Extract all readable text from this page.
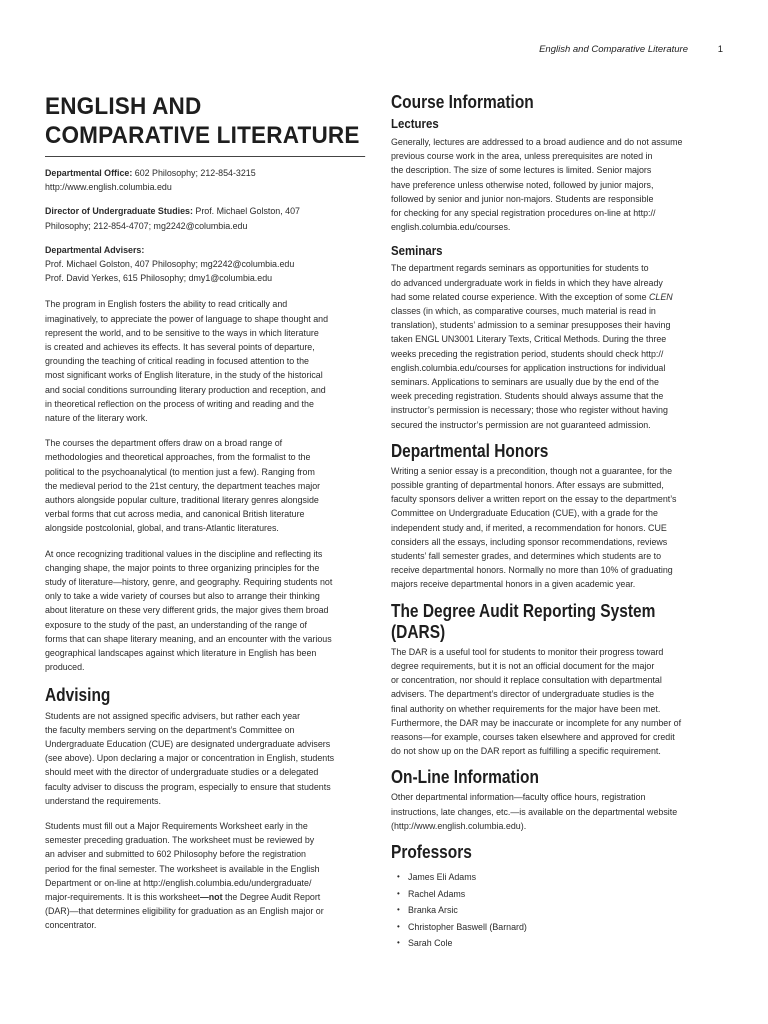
English and Comparative Literature	1
ENGLISH AND COMPARATIVE LITERATURE

Departmental Office: 602 Philosophy; 212-854-3215

http://www.english.columbia.edu

Director of Undergraduate Studies: Prof. Michael Golston, 407

Philosophy; 212-854-4707; mg2242@columbia.edu

Departmental Advisers:

Prof. Michael Golston, 407 Philosophy; mg2242@columbia.edu

Prof. David Yerkes, 615 Philosophy; dmy1@columbia.edu

The program in English fosters the ability to read critically and

imaginatively, to appreciate the power of language to shape thought and

represent the world, and to be sensitive to the ways in which literature

is created and achieves its effects. It has several points of departure,

grounding the teaching of critical reading in focused attention to the

most significant works of English literature, in the study of the historical

and social conditions surrounding literary production and reception, and

in theoretical reflection on the process of writing and reading and the

nature of the literary work.

The courses the department offers draw on a broad range of

methodologies and theoretical approaches, from the formalist to the

political to the psychoanalytical (to mention just a few). Ranging from

the medieval period to the 21st century, the department teaches major

authors alongside popular culture, traditional literary genres alongside

verbal forms that cut across media, and canonical British literature

alongside postcolonial, global, and trans-Atlantic literatures.

At once recognizing traditional values in the discipline and reflecting its

changing shape, the major points to three organizing principles for the

study of literature—history, genre, and geography. Requiring students not

only to take a wide variety of courses but also to arrange their thinking

about literature on these very different grids, the major gives them broad

exposure to the study of the past, an understanding of the range of

forms that can shape literary meaning, and an encounter with the various

geographical landscapes against which literature in English has been

produced.

Advising

Students are not assigned specific advisers, but rather each year

the faculty members serving on the department’s Committee on

Undergraduate Education (CUE) are designated undergraduate advisers

(see above). Upon declaring a major or concentration in English, students

should meet with the director of undergraduate studies or a delegated

faculty adviser to discuss the program, especially to ensure that students

understand the requirements.

Students must fill out a Major Requirements Worksheet early in the

semester preceding graduation. The worksheet must be reviewed by

an adviser and submitted to 602 Philosophy before the registration

period for the final semester. The worksheet is available in the English

Department or on-line at http://english.columbia.edu/undergraduate/

major-requirements. It is this worksheet—not the Degree Audit Report

(DAR)—that determines eligibility for graduation as an English major or

concentrator.

Course Information
Lectures

Generally, lectures are addressed to a broad audience and do not assume

previous course work in the area, unless prerequisites are noted in

the description. The size of some lectures is limited. Senior majors

have preference unless otherwise noted, followed by junior majors,

followed by senior and junior non-majors. Students are responsible

for checking for any special registration procedures on-line at http://

english.columbia.edu/courses.

Seminars

The department regards seminars as opportunities for students to

do advanced undergraduate work in fields in which they have already

had some related course experience. With the exception of some CLEN

classes (in which, as comparative courses, much material is read in

translation), students’ admission to a seminar presupposes their having

taken ENGL UN3001 Literary Texts, Critical Methods. During the three

weeks preceding the registration period, students should check http://

english.columbia.edu/courses for application instructions for individual

seminars. Applications to seminars are usually due by the end of the

week preceding registration. Students should always assume that the

instructor’s permission is necessary; those who register without having

secured the instructor’s permission are not guaranteed admission.

Departmental Honors

Writing a senior essay is a precondition, though not a guarantee, for the

possible granting of departmental honors. After essays are submitted,

faculty sponsors deliver a written report on the essay to the department’s

Committee on Undergraduate Education (CUE), with a grade for the

independent study and, if merited, a recommendation for honors. CUE

considers all the essays, including sponsor recommendations, reviews

students’ fall semester grades, and determines which students are to

receive departmental honors. Normally no more than 10% of graduating

majors receive departmental honors in a given academic year.

The Degree Audit Reporting System
(DARS)

The DAR is a useful tool for students to monitor their progress toward

degree requirements, but it is not an official document for the major

or concentration, nor should it replace consultation with departmental

advisers. The department’s director of undergraduate studies is the

final authority on whether requirements for the major have been met.

Furthermore, the DAR may be inaccurate or incomplete for any number of

reasons—for example, courses taken elsewhere and approved for credit

do not show up on the DAR report as fulfilling a specific requirement.

On-Line Information

Other departmental information—faculty office hours, registration

instructions, late changes, etc.—is available on the departmental website

(http://www.english.columbia.edu).

Professors
• James Eli Adams
• Rachel Adams
• Branka Arsic
• Christopher Baswell (Barnard)
• Sarah Cole
